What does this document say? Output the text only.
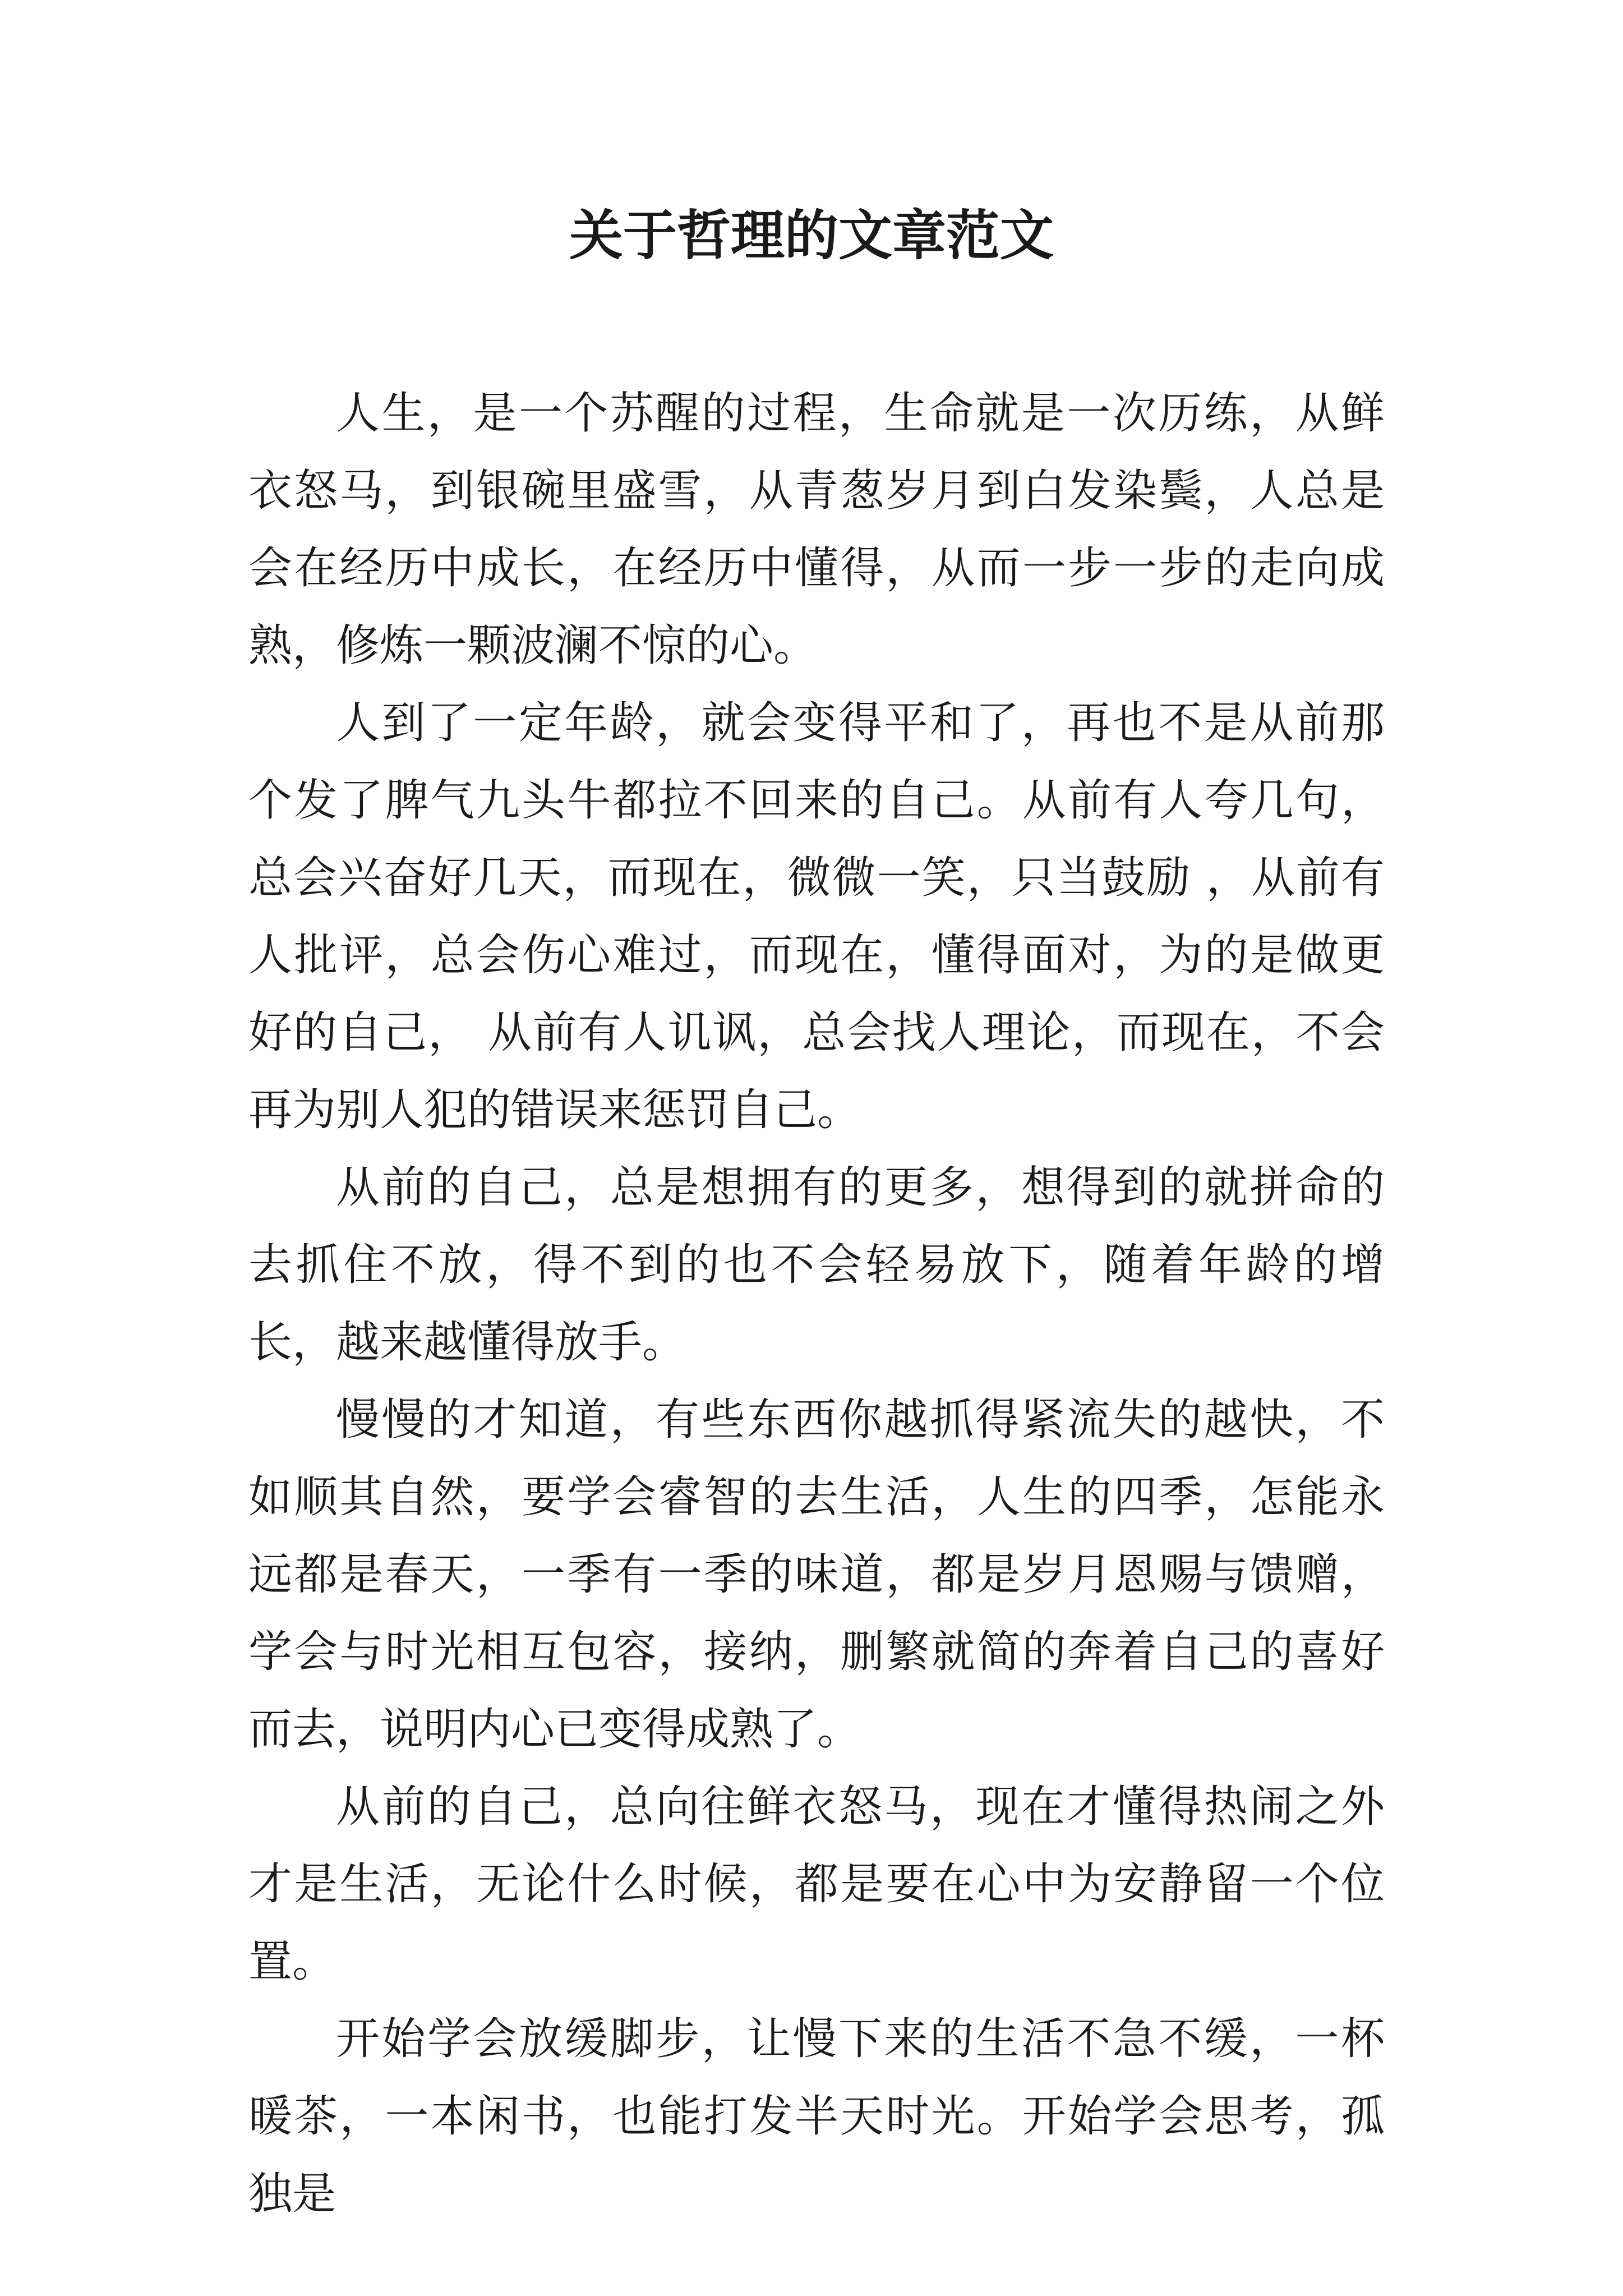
关于哲理的文章范文

人生，是一个苏醒的过程，生命就是一次历练，从鲜衣怒马，到银碗里盛雪，从青葱岁月到白发染鬓，人总是会在经历中成长，在经历中懂得，从而一步一步的走向成熟，修炼一颗波澜不惊的心。

人到了一定年龄，就会变得平和了，再也不是从前那个发了脾气九头牛都拉不回来的自己。从前有人夸几句，总会兴奋好几天，而现在，微微一笑，只当鼓励 ，从前有人批评，总会伤心难过，而现在，懂得面对，为的是做更好的自己， 从前有人讥讽，总会找人理论，而现在，不会再为别人犯的错误来惩罚自己。

从前的自己，总是想拥有的更多，想得到的就拼命的去抓住不放，得不到的也不会轻易放下，随着年龄的增长，越来越懂得放手。

慢慢的才知道，有些东西你越抓得紧流失的越快，不如顺其自然，要学会睿智的去生活，人生的四季，怎能永远都是春天，一季有一季的味道，都是岁月恩赐与馈赠，学会与时光相互包容，接纳，删繁就简的奔着自己的喜好而去，说明内心已变得成熟了。

从前的自己，总向往鲜衣怒马，现在才懂得热闹之外才是生活，无论什么时候，都是要在心中为安静留一个位置。

开始学会放缓脚步，让慢下来的生活不急不缓，一杯暖茶，一本闲书，也能打发半天时光。开始学会思考，孤独是
